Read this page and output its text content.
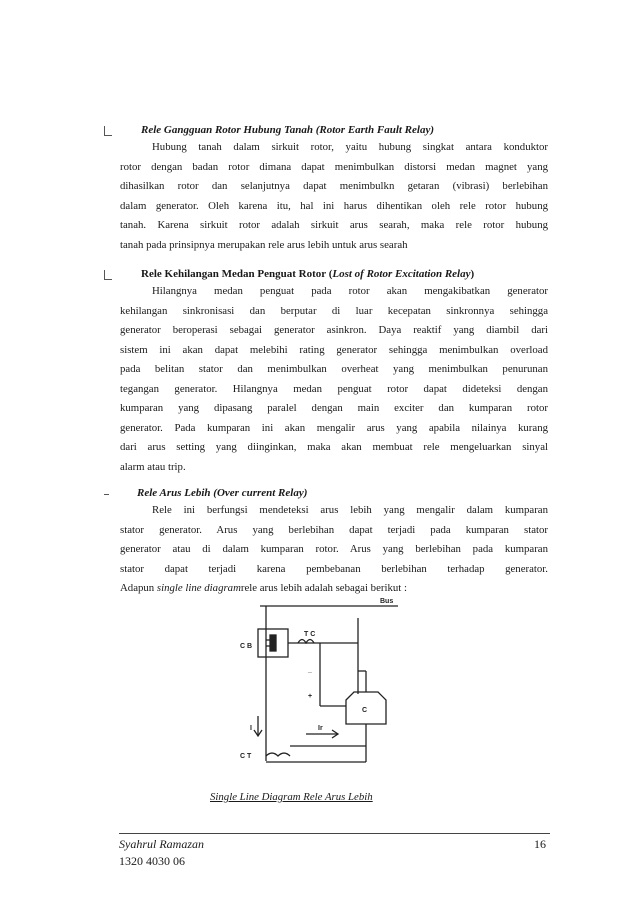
Rele Gangguan Rotor Hubung Tanah (Rotor Earth Fault Relay)
Hubung tanah dalam sirkuit rotor, yaitu hubung singkat antara konduktor
rotor dengan badan rotor dimana dapat menimbulkan distorsi medan magnet yang
dihasilkan rotor dan selanjutnya dapat menimbulkn getaran (vibrasi) berlebihan
dalam generator. Oleh karena itu, hal ini harus dihentikan oleh rele rotor hubung
tanah. Karena sirkuit rotor adalah sirkuit arus searah, maka rele rotor hubung
tanah pada prinsipnya merupakan rele arus lebih untuk arus searah
Rele Kehilangan Medan Penguat Rotor (Lost of Rotor Excitation Relay)
Hilangnya medan penguat pada rotor akan mengakibatkan generator
kehilangan sinkronisasi dan berputar di luar kecepatan sinkronnya sehingga
generator beroperasi sebagai generator asinkron. Daya reaktif yang diambil dari
sistem ini akan dapat melebihi rating generator sehingga menimbulkan overload
pada belitan stator dan menimbulkan overheat yang menimbulkan penurunan
tegangan generator. Hilangnya medan penguat rotor dapat dideteksi dengan
kumparan yang dipasang paralel dengan main exciter dan kumparan rotor
generator. Pada kumparan ini akan mengalir arus yang apabila nilainya kurang
dari arus setting yang diinginkan, maka akan membuat rele mengeluarkan sinyal
alarm atau trip.
Rele Arus Lebih (Over current Relay)
Rele ini berfungsi mendeteksi arus lebih yang mengalir dalam kumparan
stator generator. Arus yang berlebihan dapat terjadi pada kumparan stator
generator atau di dalam kumparan rotor. Arus yang berlebihan pada kumparan
stator dapat terjadi karena pembebanan berlebihan terhadap generator.
Adapun single line diagramrele arus lebih adalah sebagai berikut :
Bus
C B
T C
+
_
I	Ir
C
C T
Single Line Diagram Rele Arus Lebih
Syahrul Ramazan
1320 4030 06
16
